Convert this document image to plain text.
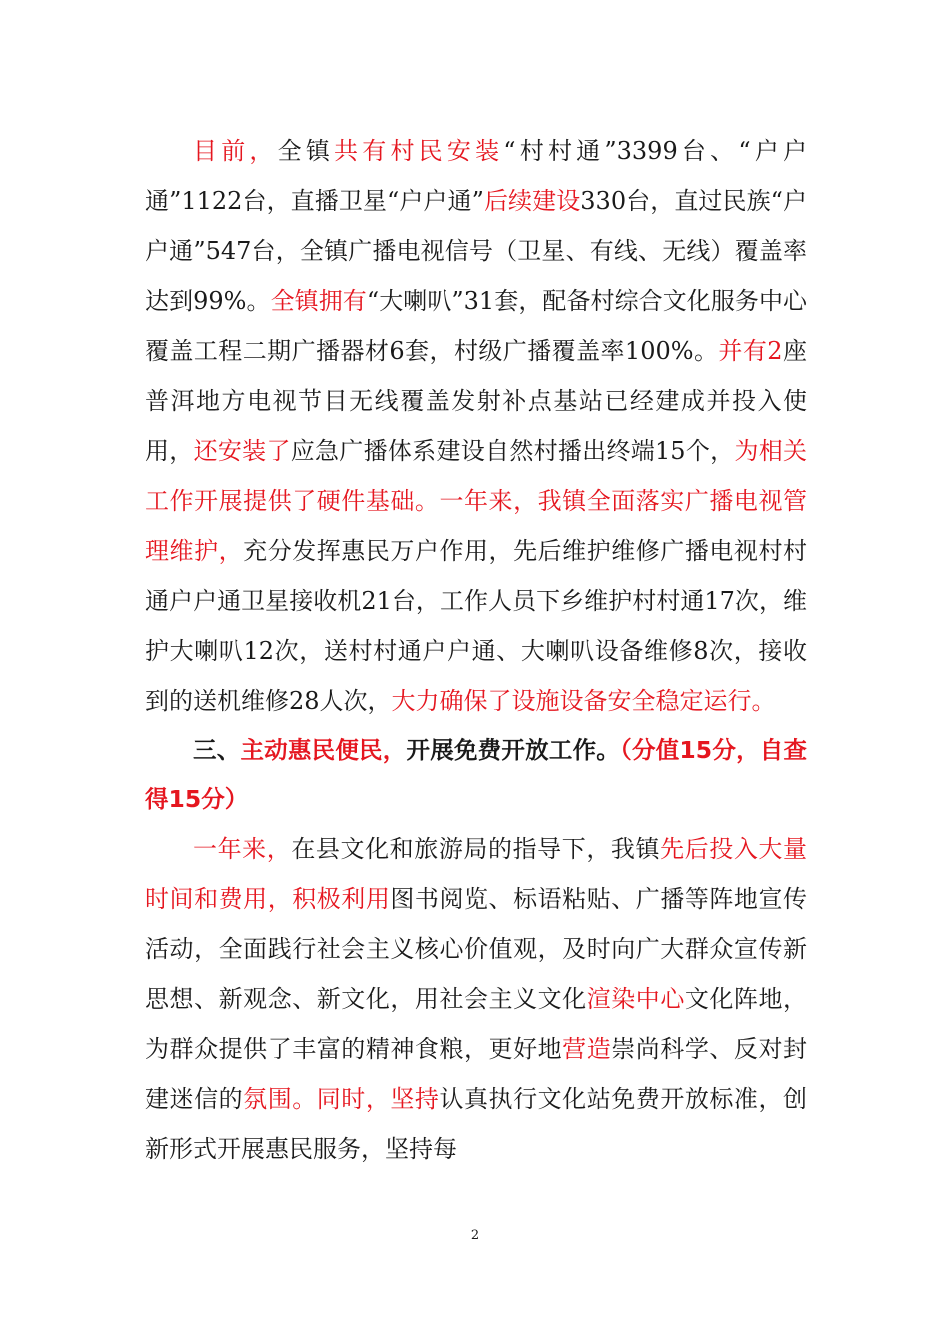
目前，全镇共有村民安装“村村通”3399台、“户户通”1122台，直播卫星“户户通”后续建设330台，直过民族“户户通”547台，全镇广播电视信号（卫星、有线、无线）覆盖率达到99%。全镇拥有“大喇叭”31套，配备村综合文化服务中心覆盖工程二期广播器材6套，村级广播覆盖率100%。并有2座普洱地方电视节目无线覆盖发射补点基站已经建成并投入使用，还安装了应急广播体系建设自然村播出终端15个，为相关工作开展提供了硬件基础。一年来，我镇全面落实广播电视管理维护，充分发挥惠民万户作用，先后维护维修广播电视村村通户户通卫星接收机21台，工作人员下乡维护村村通17次，维护大喇叭12次，送村村通户户通、大喇叭设备维修8次，接收到的送机维修28人次，大力确保了设施设备安全稳定运行。

三、主动惠民便民，开展免费开放工作。（分值15分，自查得15分）

一年来，在县文化和旅游局的指导下，我镇先后投入大量时间和费用，积极利用图书阅览、标语粘贴、广播等阵地宣传活动，全面践行社会主义核心价值观，及时向广大群众宣传新思想、新观念、新文化，用社会主义文化渲染中心文化阵地，为群众提供了丰富的精神食粮，更好地营造崇尚科学、反对封建迷信的氛围。同时，坚持认真执行文化站免费开放标准，创新形式开展惠民服务，坚持每

2
